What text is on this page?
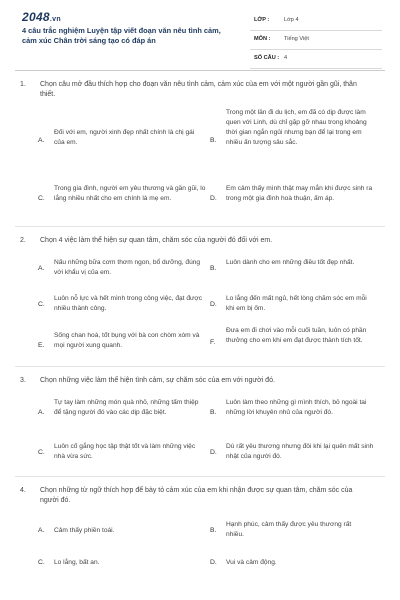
2048.vn
4 câu trắc nghiệm Luyện tập viết đoạn văn nêu tình cảm, cảm xúc Chân trời sáng tạo có đáp án
LỚP :	Lớp 4
MÔN : Tiếng Việt
SỐ CÂU : 4
1. Chọn câu mở đầu thích hợp cho đoạn văn nêu tình cảm, cảm xúc của em với một người gần gũi, thân thiết.
A.
Đối với em, người xinh đẹp nhất chính là chị gái của em.	B.
Trong một lần đi du lịch, em đã có dịp được làm quen với Linh, dù chỉ gặp gỡ nhau trong khoảng thời gian ngắn ngủi nhưng bạn để lại trong em nhiều ấn tượng sâu sắc.
C.
Trong gia đình, người em yêu thương và gần gũi, lo lắng nhiều nhất cho em chính là mẹ em.	D.
Em cảm thấy mình thật may mắn khi được sinh ra trong một gia đình hoà thuận, ấm áp.
2. Chọn 4 việc làm thể hiện sự quan tâm, chăm sóc của người đó đối với em.
A.
Nấu những bữa cơm thơm ngon, bổ dưỡng, đúng với khẩu vị của em.
B.
Luôn dành cho em những điều tốt đẹp nhất.
C.
Luôn nỗ lực và hết mình trong công việc, đạt được nhiều thành công.
D.
Lo lắng đến mất ngủ, hết lòng chăm sóc em mỗi khi em bị ốm.
E.
Sống chan hoà, tốt bụng với bà con chòm xóm và mọi người xung quanh.	F.
Đưa em đi chơi vào mỗi cuối tuần, luôn có phần thưởng cho em khi em đạt được thành tích tốt.
3. Chọn những việc làm thể hiện tình cảm, sự chăm sóc của em với người đó.
A.
Tự tay làm những món quà nhỏ, những tấm thiệp để tặng người đó vào các dịp đặc biệt.	B.
Luôn làm theo những gì mình thích, bỏ ngoài tai những lời khuyên nhủ của người đó.
C.
Luôn cố gắng học tập thật tốt và làm những việc nhà vừa sức.
D.
Dù rất yêu thương nhưng đôi khi lại quên mất sinh nhật của người đó.
4. Chọn những từ ngữ thích hợp để bày tỏ cảm xúc của em khi nhận được sự quan tâm, chăm sóc của người đó.
A. Cảm thấy phiền toái.	B.
Hạnh phúc, cảm thấy được yêu thương rất nhiều.
C. Lo lắng, bất an.	D. Vui và cảm động.
